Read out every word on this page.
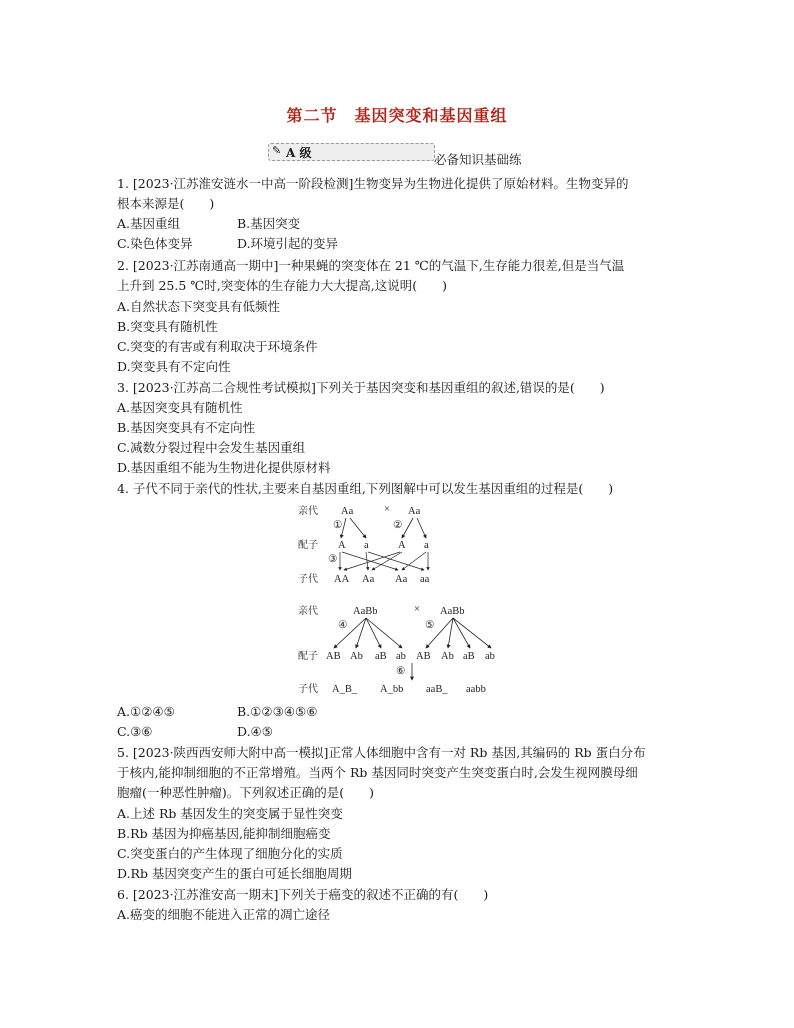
第二节　基因突变和基因重组
✎ A 级	必备知识基础练
1. [2023·江苏淮安涟水一中高一阶段检测]生物变异为生物进化提供了原始材料。生物变异的
根本来源是(　　)
A.基因重组	B.基因突变
C.染色体变异	D.环境引起的变异
2. [2023·江苏南通高一期中]一种果蝇的突变体在 21 ℃的气温下,生存能力很差,但是当气温
上升到 25.5 ℃时,突变体的生存能力大大提高,这说明(　　)
A.自然状态下突变具有低频性
B.突变具有随机性
C.突变的有害或有利取决于环境条件
D.突变具有不定向性
3. [2023·江苏高二合规性考试模拟]下列关于基因突变和基因重组的叙述,错误的是(　　)
A.基因突变具有随机性
B.基因突变具有不定向性
C.减数分裂过程中会发生基因重组
D.基因重组不能为生物进化提供原材料
4. 子代不同于亲代的性状,主要来自基因重组,下列图解中可以发生基因重组的过程是(　　)
亲代 Aa	× Aa
①	②
配子 A a	A a
③
子代 AA Aa Aa aa
亲代	AaBb	× AaBb
④	⑤
配子 AB Ab aB ab AB Ab aB ab
⑥
子代 A_B_ A_bb aaB_ aabb
A.①②④⑤	B.①②③④⑤⑥
C.③⑥	D.④⑤
5. [2023·陕西西安师大附中高一模拟]正常人体细胞中含有一对 Rb 基因,其编码的 Rb 蛋白分布
于核内,能抑制细胞的不正常增殖。当两个 Rb 基因同时突变产生突变蛋白时,会发生视网膜母细
胞瘤(一种恶性肿瘤)。下列叙述正确的是(　　)
A.上述 Rb 基因发生的突变属于显性突变
B.Rb 基因为抑癌基因,能抑制细胞癌变
C.突变蛋白的产生体现了细胞分化的实质
D.Rb 基因突变产生的蛋白可延长细胞周期
6. [2023·江苏淮安高一期末]下列关于癌变的叙述不正确的有(　　)
A.癌变的细胞不能进入正常的凋亡途径
